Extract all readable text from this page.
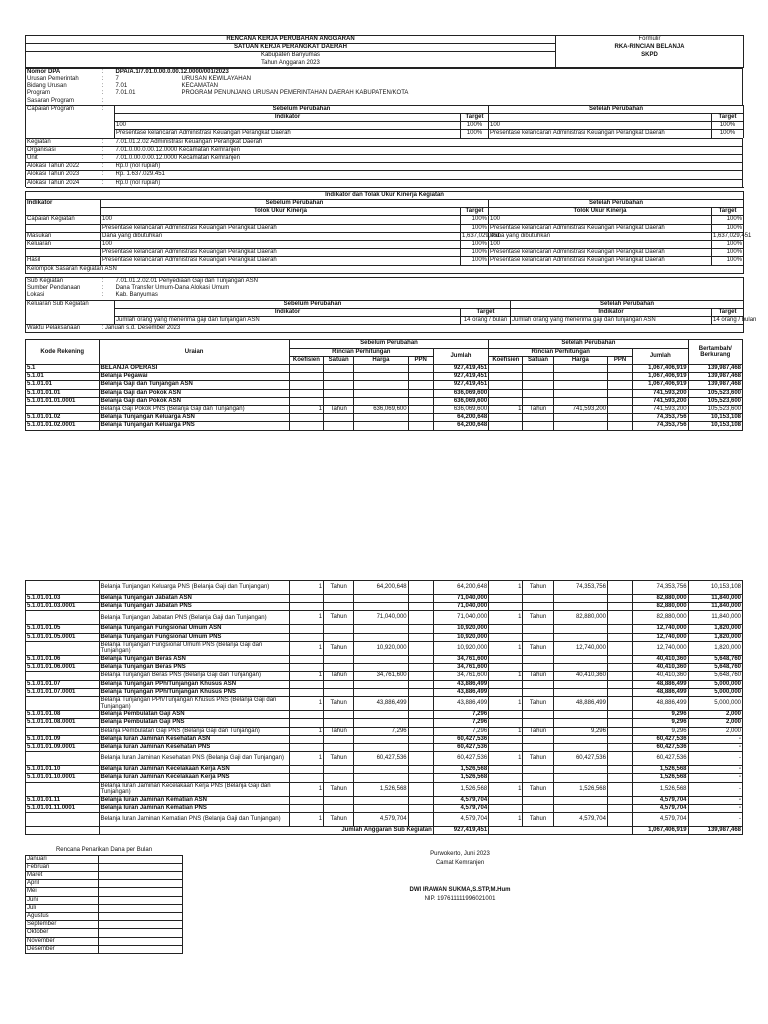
RENCANA KERJA PERUBAHAN ANGGARAN	Formulir
SATUAN KERJA PERANGKAT DAERAH	RKA-RINCIAN BELANJA
Kabupaten Banyumas	SKPD
Tahun Anggaran 2023	
Nomor DPA	:	DPA/A.1/7.01.0.00.0.00.12.0000/001/2023	
Urusan Pemerintah	:	7	URUSAN KEWILAYAHAN
Bidang Urusan	:	7.01	KECAMATAN
Program	:	7.01.01	PROGRAM PENUNJANG URUSAN PEMERINTAHAN DAERAH KABUPATEN/KOTA
Sasaran Program	:		
Capaian Program	:	Sebelum Perubahan		Setelah Perubahan	
		Indikator	Target		Target
		100	100%	100	100%
		Presentase kelancaran Administrasi Keuangan Perangkat Daerah	100%	Presentase kelancaran Administrasi Keuangan Perangkat Daerah	100%
Kegiatan	:	7.01.01.2.02 Administrasi Keuangan Perangkat Daerah
Organisasi	:	7.01.0.00.0.00.12.0000 Kecamatan Kemranjen
Unit	:	7.01.0.00.0.00.12.0000 Kecamatan Kemranjen
Alokasi Tahun 2022	:	Rp.0 (nol rupiah)
Alokasi Tahun 2023	:	Rp. 1.637.029.451
Alokasi Tahun 2024	:	Rp.0 (nol rupiah)

Indikator dan Tolak Ukur Kinerja Kegiatan				
Indikator	Sebelum Perubahan		Setelah Perubahan	
	Tolok Ukur Kinerja	Target	Tolok Ukur Kinerja	Target
Capaian Kegiatan	100	100%	100	100%
	Presentase kelancaran Administrasi Keuangan Perangkat Daerah	100%	Presentase kelancaran Administrasi Keuangan Perangkat Daerah	100%
Masukan	Dana yang dibutuhkan	1,637,029,451	Dana yang dibutuhkan	1,637,029,451
Keluaran	100	100%	100	100%
	Presentase kelancaran Administrasi Keuangan Perangkat Daerah	100%	Presentase kelancaran Administrasi Keuangan Perangkat Daerah	100%
Hasil	Presentase kelancaran Administrasi Keuangan Perangkat Daerah	100%	Presentase kelancaran Administrasi Keuangan Perangkat Daerah	100%
Kelompok Sasaran Kegiatan	: ASN			

Sub Kegiatan	:	7.01.01.2.02.01 Penyediaan Gaji dan Tunjangan ASN			
Sumber Pendanaan	:	Dana Transfer Umum-Dana Alokasi Umum			
Lokasi	:	Kab. Banyumas			
Keluaran Sub Kegiatan		Sebelum Perubahan		Setelah Perubahan	
		Indikator	Target	Indikator	Target
		Jumlah orang yang menerima gaji dan tunjangan ASN	14 orang / bulan	Jumlah orang yang menerima gaji dan tunjangan ASN	14 orang / bulan
Waktu Pelaksanaan	: Januari s.d. Desember 2023				
Kode Rekening	Uraian	Sebelum Perubahan					Setelah Perubahan					Bertambah/ Berkurang
		Rincian Perhitungan				Jumlah	Rincian Perhitungan				Jumlah	
		Koefisien	Satuan	Harga	PPN		Koefisien	Satuan	Harga	PPN		
5.1	BELANJA OPERASI					927,419,451					1,067,406,919	139,987,468
5.1.01	Belanja Pegawai					927,419,451					1,067,406,919	139,987,468
5.1.01.01	Belanja Gaji dan Tunjangan ASN					927,419,451					1,067,406,919	139,987,468
5.1.01.01.01	Belanja Gaji dan Pokok ASN					636,069,600					741,593,200	105,523,600
5.1.01.01.01.0001	Belanja Gaji dan Pokok ASN					636,069,600					741,593,200	105,523,600
	Belanja Gaji Pokok PNS (Belanja Gaji dan Tunjangan)	1	Tahun	636,069,600		636,069,600	1	Tahun	741,593,200		741,593,200	105,523,600
5.1.01.01.02	Belanja Tunjangan Keluarga ASN					64,200,648					74,353,756	10,153,108
5.1.01.01.02.0001	Belanja Tunjangan Keluarga PNS					64,200,648					74,353,756	10,153,108
	Belanja Tunjangan Keluarga PNS (Belanja Gaji dan Tunjangan)	1	Tahun	64,200,648		64,200,648	1	Tahun	74,353,756		74,353,756	10,153,108
5.1.01.01.03	Belanja Tunjangan Jabatan ASN					71,040,000					82,880,000	11,840,000
5.1.01.01.03.0001	Belanja Tunjangan Jabatan PNS					71,040,000					82,880,000	11,840,000
	Belanja Tunjangan Jabatan PNS (Belanja Gaji dan Tunjangan)	1	Tahun	71,040,000		71,040,000	1	Tahun	82,880,000		82,880,000	11,840,000
5.1.01.01.05	Belanja Tunjangan Fungsional Umum ASN					10,920,000					12,740,000	1,820,000
5.1.01.01.05.0001	Belanja Tunjangan Fungsional Umum PNS					10,920,000					12,740,000	1,820,000
	Belanja Tunjangan Fungsional Umum PNS (Belanja Gaji dan Tunjangan)	1	Tahun	10,920,000		10,920,000	1	Tahun	12,740,000		12,740,000	1,820,000
5.1.01.01.06	Belanja Tunjangan Beras ASN					34,761,600					40,410,360	5,648,760
5.1.01.01.06.0001	Belanja Tunjangan Beras PNS					34,761,600					40,410,360	5,648,760
	Belanja Tunjangan Beras PNS (Belanja Gaji dan Tunjangan)	1	Tahun	34,761,600		34,761,600	1	Tahun	40,410,360		40,410,360	5,648,760
5.1.01.01.07	Belanja Tunjangan PPh/Tunjangan Khusus ASN					43,886,499					48,886,499	5,000,000
5.1.01.01.07.0001	Belanja Tunjangan PPh/Tunjangan Khusus PNS					43,886,499					48,886,499	5,000,000
	Belanja Tunjangan PPh/Tunjangan Khusus PNS (Belanja Gaji dan Tunjangan)	1	Tahun	43,886,499		43,886,499	1	Tahun	48,886,499		48,886,499	5,000,000
5.1.01.01.08	Belanja Pembulatan Gaji ASN					7,296					9,296	2,000
5.1.01.01.08.0001	Belanja Pembulatan Gaji PNS					7,296					9,296	2,000
	Belanja Pembulatan Gaji PNS (Belanja Gaji dan Tunjangan)	1	Tahun	7,296		7,296	1	Tahun	9,296		9,296	2,000
5.1.01.01.09	Belanja Iuran Jaminan Kesehatan ASN					60,427,536					60,427,536	-
5.1.01.01.09.0001	Belanja Iuran Jaminan Kesehatan PNS					60,427,536					60,427,536	-
	Belanja Iuran Jaminan Kesehatan PNS (Belanja Gaji dan Tunjangan)	1	Tahun	60,427,536		60,427,536	1	Tahun	60,427,536		60,427,536	-
5.1.01.01.10	Belanja Iuran Jaminan Kecelakaan Kerja ASN					1,526,568					1,526,568	-
5.1.01.01.10.0001	Belanja Iuran Jaminan Kecelakaan Kerja PNS					1,526,568					1,526,568	-
	Belanja Iuran Jaminan Kecelakaan Kerja PNS (Belanja Gaji dan Tunjangan)	1	Tahun	1,526,568		1,526,568	1	Tahun	1,526,568		1,526,568	-
5.1.01.01.11	Belanja Iuran Jaminan Kematian ASN					4,579,704					4,579,704	-
5.1.01.01.11.0001	Belanja Iuran Jaminan Kematian PNS					4,579,704					4,579,704	-
	Belanja Iuran Jaminan Kematian PNS (Belanja Gaji dan Tunjangan)	1	Tahun	4,579,704		4,579,704	1	Tahun	4,579,704		4,579,704	-
	Jumlah Anggaran Sub Kegiatan					927,419,451					1,067,406,919	139,987,468
Rencana Penarikan Dana per Bulan	
Januari	
Februari	
Maret	
April	
Mei	
Juni	
Juli	
Agustus	
September	
Oktober	
November	
Desember	
Purwokerto, Juni 2023
Camat Kemranjen
DWI IRAWAN SUKMA,S.STP,M.Hum
NIP. 197611111996021001
